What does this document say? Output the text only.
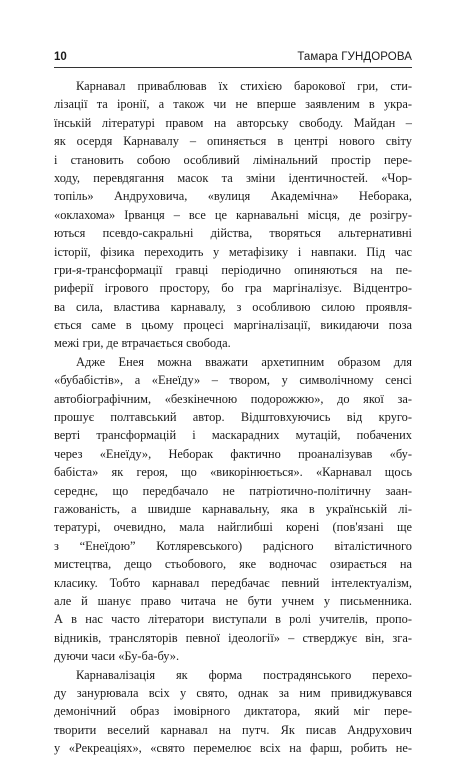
10	Тамара ГУНДОРОВА
Карнавал приваблював їх стихією барокової гри, сти-
лізації та іронії, а також чи не вперше заявленим в укра-
їнській літературі правом на авторську свободу. Майдан –
як осердя Карнавалу – опиняється в центрі нового світу
і становить собою особливий лімінальний простір пере-
ходу, перевдягання масок та зміни ідентичностей. «Чор-
топіль» Андруховича, «вулиця Академічна» Неборака,
«оклахома» Ірванця – все це карнавальні місця, де розігру-
ються псевдо-сакральні дійства, творяться альтернативні
історії, фізика переходить у метафізику і навпаки. Під час
гри-я-трансформації гравці періодично опиняються на пе-
риферії ігрового простору, бо гра маргіналізує. Відцентро-
ва сила, властива карнавалу, з особливою силою проявля-
ється саме в цьому процесі маргіналізації, викидаючи поза
межі гри, де втрачається свобода.
Адже Енея можна вважати архетипним образом для
«бубабістів», а «Енеїду» – твором, у символічному сенсі
автобіографічним, «безкінечною подорожжю», до якої за-
прошує полтавський автор. Відштовхуючись від круго-
верті трансформацій і маскарадних мутацій, побачених
через «Енеїду», Неборак фактично проаналізував «бу-
бабіста» як героя, що «викорінюється». «Карнавал щось
середнє, що передбачало не патріотично-політичну заан-
гажованість, а швидше карнавальну, яка в українській лі-
тературі, очевидно, мала найглибші корені (пов'язані ще
з “Енеїдою” Котляревського) радісного віталістичного
мистецтва, дещо стьобового, яке водночас озирається на
класику. Тобто карнавал передбачає певний інтелектуалізм,
але й шанує право читача не бути учнем у письменника.
А в нас часто літератори виступали в ролі учителів, пропо-
відників, трансляторів певної ідеології» – стверджує він, зга-
дуючи часи «Бу-ба-бу».
Карнавалізація як форма пострадянського перехо-
ду занурювала всіх у свято, однак за ним привиджувався
демонічний образ імовірного диктатора, який міг пере-
творити веселий карнавал на путч. Як писав Андрухович
у «Рекреаціях», «свято перемелює всіх на фарш, робить не-
